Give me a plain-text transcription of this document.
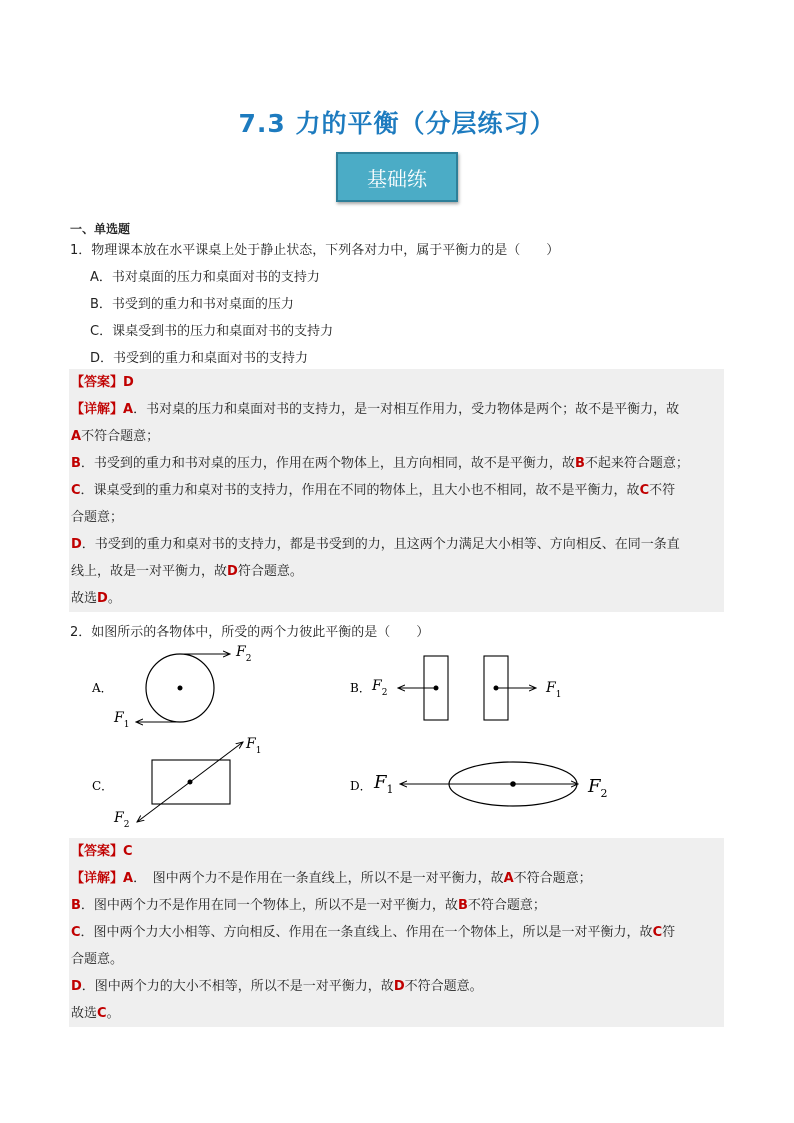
7.3 力的平衡（分层练习）
基础练
一、单选题
1．物理课本放在水平课桌上处于静止状态，下列各对力中，属于平衡力的是（　　）
A．书对桌面的压力和桌面对书的支持力
B．书受到的重力和书对桌面的压力
C．课桌受到书的压力和桌面对书的支持力
D．书受到的重力和桌面对书的支持力
【答案】D
【详解】A．书对桌的压力和桌面对书的支持力，是一对相互作用力，受力物体是两个；故不是平衡力，故
A不符合题意；
B．书受到的重力和书对桌的压力，作用在两个物体上，且方向相同，故不是平衡力，故B不起来符合题意；
C．课桌受到的重力和桌对书的支持力，作用在不同的物体上，且大小也不相同，故不是平衡力，故C不符
合题意；
D．书受到的重力和桌对书的支持力，都是书受到的力，且这两个力满足大小相等、方向相反、在同一条直
线上，故是一对平衡力，故D符合题意。
故选D。
2．如图所示的各物体中，所受的两个力彼此平衡的是（　　）
A．
$F_2$
$F_1$
B． $F_2$	$F_1$
C．
$F_1$
$F_2$
D． $F_1$	$F_2$
【答案】C
【详解】A．　图中两个力不是作用在一条直线上，所以不是一对平衡力，故A不符合题意；
B．图中两个力不是作用在同一个物体上，所以不是一对平衡力，故B不符合题意；
C．图中两个力大小相等、方向相反、作用在一条直线上、作用在一个物体上，所以是一对平衡力，故C符
合题意。
D．图中两个力的大小不相等，所以不是一对平衡力，故D不符合题意。
故选C。
